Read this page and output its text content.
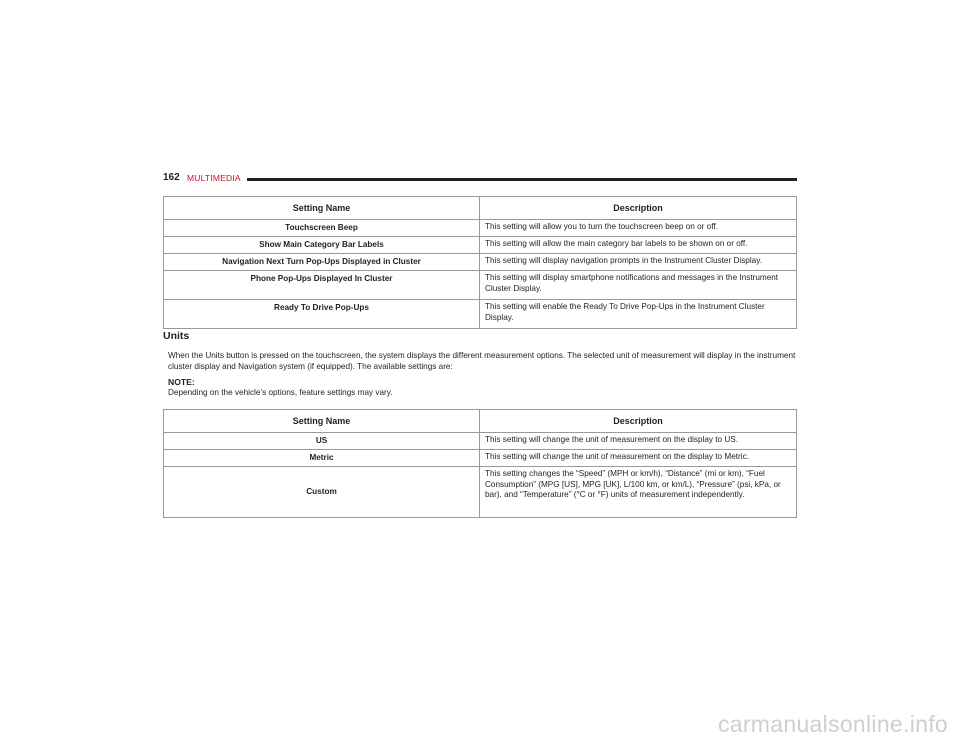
162 MULTIMEDIA
Setting Name	Description
Touchscreen Beep	This setting will allow you to turn the touchscreen beep on or off.
Show Main Category Bar Labels	This setting will allow the main category bar labels to be shown on or off.
Navigation Next Turn Pop-Ups Displayed in Cluster	This setting will display navigation prompts in the Instrument Cluster Display.
Phone Pop-Ups Displayed In Cluster	This setting will display smartphone notifications and messages in the Instrument Cluster Display.
Ready To Drive Pop-Ups	This setting will enable the Ready To Drive Pop-Ups in the Instrument Cluster Display.
Units

When the Units button is pressed on the touchscreen, the system displays the different measurement options. The selected unit of measurement will display in the instrument cluster display and Navigation system (if equipped). The available settings are:

NOTE:
Depending on the vehicle’s options, feature settings may vary.
Setting Name	Description
US	This setting will change the unit of measurement on the display to US.
Metric	This setting will change the unit of measurement on the display to Metric.
Custom	This setting changes the “Speed” (MPH or km/h), “Distance” (mi or km), “Fuel Consumption” (MPG [US], MPG [UK], L/100 km, or km/L), “Pressure” (psi, kPa, or bar), and “Temperature” (°C or °F) units of measurement independently.
carmanualsonline.info
